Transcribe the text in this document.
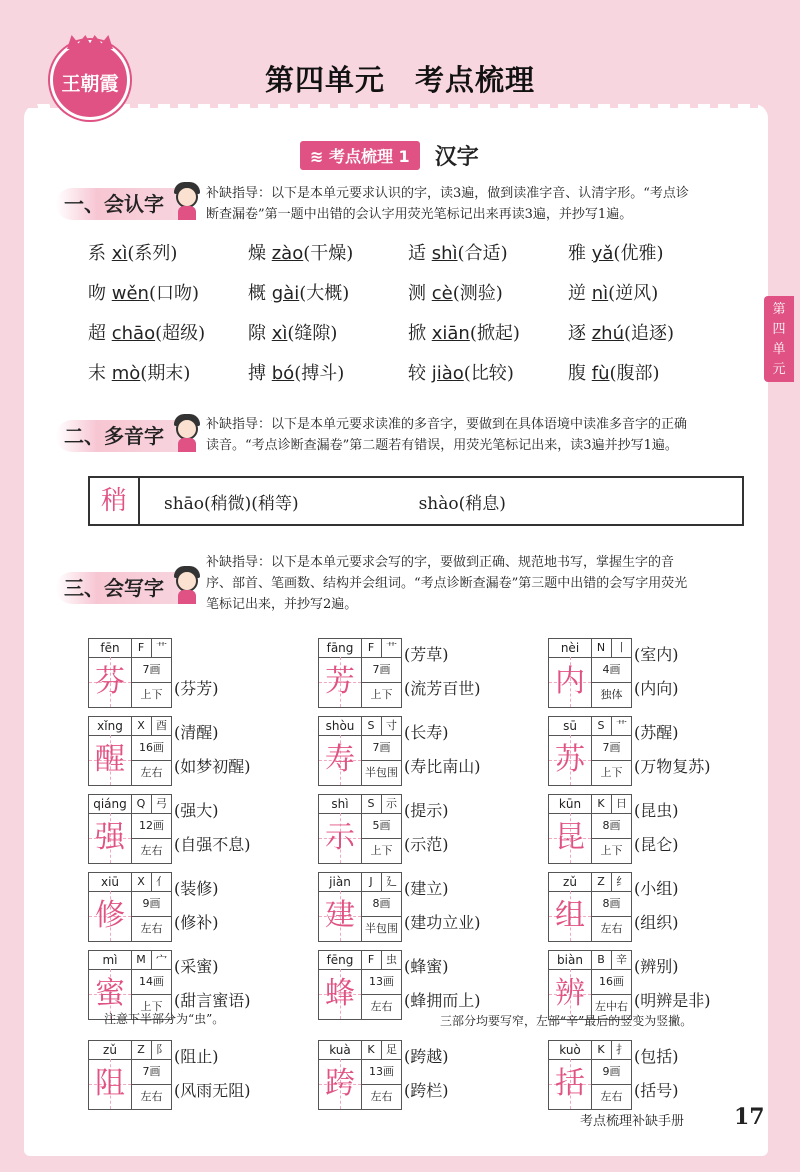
王朝霞	第四单元　考点梳理
第
四
单
元
≋ 考点梳理 1 汉字
一、会认字	补缺指导：以下是本单元要求认识的字，读3遍，做到读准字音、认清字形。“考点诊
断查漏卷”第一题中出错的会认字用荧光笔标记出来再读3遍，并抄写1遍。
系 xì(系列)	燥 zào(干燥)	适 shì(合适)	雅 yǎ(优雅)
吻 wěn(口吻)	概 gài(大概)	测 cè(测验)	逆 nì(逆风)
超 chāo(超级)	隙 xì(缝隙)	掀 xiān(掀起)	逐 zhú(追逐)
末 mò(期末)	搏 bó(搏斗)	较 jiào(比较)	腹 fù(腹部)
二、多音字	补缺指导：以下是本单元要求读准的多音字，要做到在具体语境中读准多音字的正确
读音。“考点诊断查漏卷”第二题若有错误，用荧光笔标记出来，读3遍并抄写1遍。
稍	shāo(稍微)(稍等)	shào(稍息)
三、会写字
补缺指导：以下是本单元要求会写的字，要做到正确、规范地书写，掌握生字的音
序、部首、笔画数、结构并会组词。“考点诊断查漏卷”第三题中出错的会写字用荧光
笔标记出来，并抄写2遍。
fēn	F	艹
芬	7画
上下 (芬芳)
fāng	F	艹
芳	7画
上下
(芳草)
(流芳百世)
nèi	N 丨
内	4画
独体
(室内)
(内向)
xǐng	X	酉
醒	16画
左右
(清醒)
(如梦初醒)
shòu	S	寸
寿	7画
半包围
(长寿)
(寿比南山)
sū	S	艹
苏	7画
上下
(苏醒)
(万物复苏)
qiáng Q 弓
强	12画
左右
(强大)
(自强不息)
shì	S	示
示	5画
上下
(提示)
(示范)
kūn	K	日
昆	8画
上下
(昆虫)
(昆仑)
xiū	X	亻
修	9画
左右
(装修)
(修补)
jiàn	J	廴
建	8画
半包围
(建立)
(建功立业)
zǔ	Z	纟
组	8画
左右
(小组)
(组织)
mì	M 宀
蜜	14画
上下
(采蜜)
(甜言蜜语)
fēng	F	虫
蜂	13画
左右
(蜂蜜)
(蜂拥而上)
biàn	B	辛
辨	16画
左中右
(辨别)
(明辨是非)
zǔ	Z	阝
阻	7画
左右
(阻止)
(风雨无阻)
kuà	K	足
跨	13画
左右
(跨越)
(跨栏)
kuò	K	扌
括	9画
左右
(包括)
(括号)
注意下半部分为“虫”。	三部分均要写窄，左部“辛”最后的竖变为竖撇。
考点梳理补缺手册 17
